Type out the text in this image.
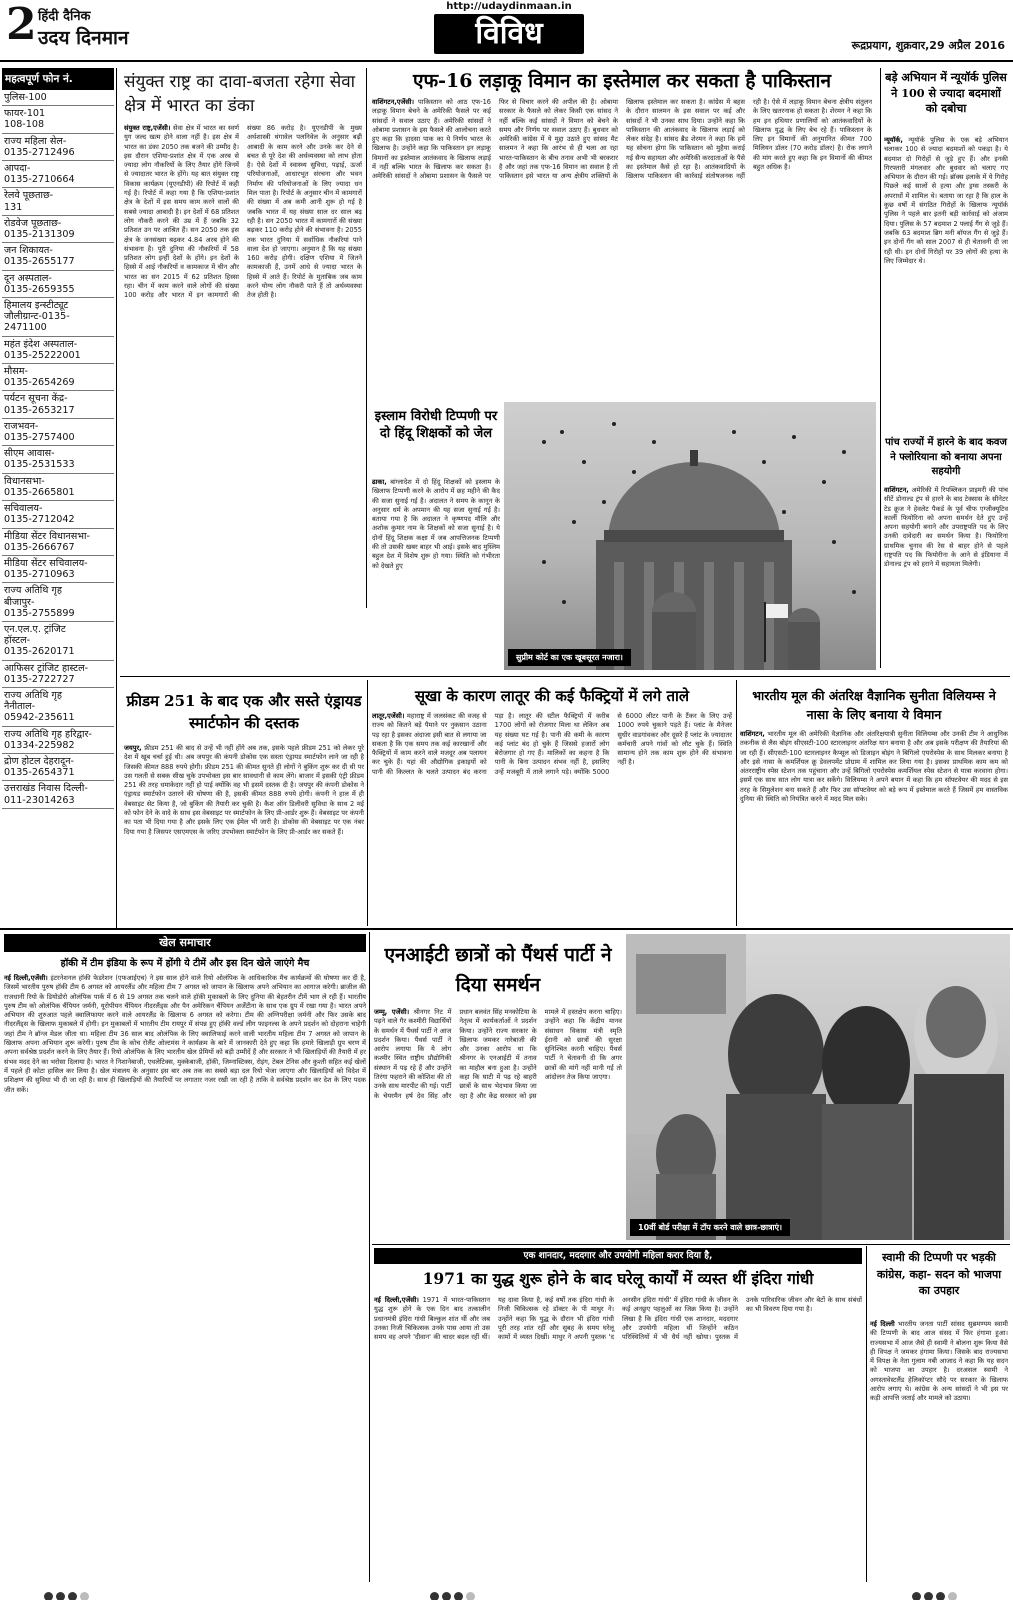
2 हिंदी दैनिक
उदय दिनमान
http://udaydinmaan.in
विविध	रूद्रप्रयाग, शुक्रवार,29 अप्रैल 2016
महत्वपूर्ण फोन नं.
पुलिस-100
फायर-101
108-108
राज्य महिला सेल-
0135-2712496
आपदा-
0135-2710664
रेलवे पूछताछ-
131
रोडवेज पूछताछ-
0135-2131309
जन शिकायत-
0135-2655177
दून अस्पताल-
0135-2659355
हिमालय इन्स्टीट्यूट
जौलीग्रान्ट-0135-
2471100
महंत इंदेश अस्पताल-
0135-25222001
मौसम-
0135-2654269
पर्यटन सूचना केंद्र-
0135-2653217
राजभवन-
0135-2757400
सीएम आवास-
0135-2531533
विधानसभा-
0135-2665801
सचिवालय-
0135-2712042
मीडिया सेंटर विधानसभा-
0135-2666767
मीडिया सेंटर सचिवालय-
0135-2710963
राज्य अतिथि गृह
बीजापुर-
0135-2755899
एन.एल.ए. ट्रांजिट
हॉस्टल-
0135-2620171
आफिसर ट्रांजिट हास्टल-
0135-2722727
राज्य अतिथि गृह
नैनीताल-
05942-235611
राज्य अतिथि गृह हरिद्वार-
01334-225982
द्रोण होटल देहरादून-
0135-2654371
उत्तराखंड निवास दिल्ली-
011-23014263
संयुक्त राष्ट्र का दावा-बजता रहेगा सेवा क्षेत्र में भारत का डंका
संयुक्त राष्ट्र,एजेंसी। सेवा क्षेत्र में भारत का स्वर्ण युग जल्द खत्म होने वाला नहीं है। इस क्षेत्र में भारत का डंका 2050 तक बजने की उम्मीद है। इस दौरान एशिया-प्रशांत क्षेत्र में एक अरब से ज्यादा लोग नौकरियों के लिए तैयार होंगे जिनमें से ज्यादातर भारत के होंगे। यह बात संयुक्त राष्ट्र विकास कार्यक्रम (यूएनडीपी) की रिपोर्ट में कही गई है। रिपोर्ट में कहा गया है कि एशिया-प्रशांत क्षेत्र के देशों में इस समय काम करने वालों की सबसे ज्यादा आबादी है। इन देशों में 68 प्रतिशत लोग नौकरी करने की उम्र में हैं जबकि 32 प्रतिशत उन पर आश्रित हैं। सन 2050 तक इस क्षेत्र के जनसंख्या बढ़कर 4.84 अरब होने की संभावना है। पूरी दुनिया की नौकरियों में 58 प्रतिशत लोग इन्हीं देशों के होंगे। इन देशों के हिस्से में आई नौकरियों व कामकाज में चीन और भारत का सन 2015 में 62 प्रतिशत हिस्सा रहा। चीन में काम करने वाले लोगों की संख्या 100 करोड़ और भारत में इन कामगारों की संख्या 86 करोड़ है। यूएनडीपी के मुख्य अर्थशास्त्री थंगावेल पलनिवेल के अनुसार बढ़ी आबादी के काम करने और उनके कर देने से बचत से पूरे देश की अर्थव्यवस्था को लाभ होता है। ऐसे देशों में स्वास्थ्य सुविधा, पढ़ाई, ऊर्जा परियोजनाओं, आधारभूत संरचना और भवन निर्माण की परियोजनाओं के लिए ज्यादा धन मिल पाता है। रिपोर्ट के अनुसार चीन में कामगारों की संख्या में अब कमी आनी शुरू हो गई है जबकि भारत में यह संख्या साल दर साल बढ़ रही है। सन 2050 भारत में कामगारों की संख्या बढ़कर 110 करोड़ होने की संभावना है। 2055 तक भारत दुनिया में सर्वाधिक नौकरियां पाने वाला देश हो जाएगा। अनुमान है कि यह संख्या 160 करोड़ होगी। दक्षिण एशिया में जितने कामकाजी हैं, उनमें आधे से ज्यादा भारत के हिस्से में आते हैं। रिपोर्ट के मुताबिक जब काम करने योग्य लोग नौकरी पाते हैं तो अर्थव्यवस्था तेज होती है।
एफ-16 लड़ाकू विमान का इस्तेमाल कर सकता है पाकिस्तान
वाशिंगटन,एजेंसी। पाकिस्तान को आठ एफ-16 लड़ाकू विमान बेचने के अमेरिकी फैसले पर कई सांसदों ने सवाल उठाए हैं। अमेरिकी सांसदों ने ओबामा प्रशासन के इस फैसले की आलोचना करते हुए कहा कि हादसा पाक का ये निर्णय भारत के खिलाफ है। उन्होंने कहा कि पाकिस्तान इन लड़ाकू विमानों का इस्तेमाल आतंकवाद के खिलाफ लड़ाई में नहीं बल्कि भारत के खिलाफ कर सकता है। अमेरिकी सांसदों ने ओबामा प्रशासन के फैसले पर फिर से विचार करने की अपील की है। ओबामा सरकार के फैसले को लेकर किसी एक सांसद ने नहीं बल्कि कई सांसदों ने विमान को बेचने के समय और निर्णय पर सवाल उठाए हैं। बुधवार को अमेरिकी कांग्रेस में ये मुद्दा उठाते हुए सांसद मैट सालमन ने कहा कि आरंभ से ही चला आ रहा भारत-पाकिस्तान के बीच तनाव अभी भी बरकरार है और जहां तक एफ-16 विमान का सवाल है तो पाकिस्तान इसे भारत या अन्य क्षेत्रीय शक्तियों के खिलाफ इस्तेमाल कर सकता है। कांग्रेस में बहस के दौरान सालमन के इस सवाल पर कई और सांसदों ने भी उनका साथ दिया। उन्होंने कहा कि पाकिस्तान की आतंकवाद के खिलाफ लड़ाई को लेकर संदेह है। सांसद ब्रैड शेरमन ने कहा कि हमें यह सोचना होगा कि पाकिस्तान को मुहैया कराई गई सैन्य सहायता और अमेरिकी करदाताओं के पैसे का इस्तेमाल कैसे हो रहा है। आतंकवादियों के खिलाफ पाकिस्तान की कार्रवाई संतोषजनक नहीं रही है। ऐसे में लड़ाकू विमान बेचना क्षेत्रीय संतुलन के लिए खतरनाक हो सकता है। शेरमन ने कहा कि हम इन हथियार प्रणालियों को आतंकवादियों के खिलाफ युद्ध के लिए बेच रहे हैं। पाकिस्तान के लिए इन विमानों की अनुमानित कीमत 700 मिलियन डॉलर (70 करोड़ डॉलर) है। रोक लगाने की मांग करते हुए कहा कि इन विमानों की कीमत बहुत अधिक है।
इस्लाम विरोधी टिप्पणी पर दो हिंदू शिक्षकों को जेल
ढाका, बांग्लादेश में दो हिंदू शिक्षकों को इस्लाम के खिलाफ टिप्पणी करने के आरोप में छह महीने की कैद की सजा सुनाई गई है। अदालत ने समय के कानून के अनुसार धर्म के अपमान की यह सजा सुनाई गई है। बताया गया है कि अदालत ने कृष्णपद मौलि और अशोक कुमार नाम के शिक्षकों को सजा सुनाई है। ये दोनों हिंदू शिक्षक कक्षा में जब आपत्तिजनक टिप्पणी की तो उसकी खबर बाहर भी आई। इसके बाद मुस्लिम बहुल देश में विशेष शुरू हो गया। स्थिति को गंभीरता को देखते हुए
सुप्रीम कोर्ट का एक खूबसूरत नजारा।
बड़े अभियान में न्यूयॉर्क पुलिस ने 100 से ज्यादा बदमाशों को दबोचा
न्यूयॉर्क, न्यूयॉर्क पुलिस के एक बड़े अभियान चलाकर 100 से ज्यादा बदमाशों को पकड़ा है। ये बदमाश दो गिरोहों से जुड़े हुए हैं। और इनकी गिरफ्तारी मंगलवार और बुधवार को चलाए गए अभियान के दौरान की गई। ब्रॉक्स इलाके में ये गिरोह पिछले कई सालों से हत्या और ड्रग्स तस्करी के अपराधों में शामिल थे। बताया जा रहा है कि हाल के कुछ वर्षों में संगठित गिरोहों के खिलाफ न्यूयॉर्क पुलिस ने पहले बार इतनी बड़ी कार्रवाई को अंजाम दिया। पुलिस के 57 बदमाश 2 फ्लाई गैंग से जुड़े हैं। जबकि 63 बदमाश ब्रिग मनी बॉयज गैंग से जुड़े हैं। इन दोनों गैंग को साल 2007 से ही चेतावनी दी जा रही थी। इन दोनों गिरोहों पर 39 लोगों की हत्या के लिए जिम्मेदार थे।
पांच राज्यों में हारने के बाद कवज ने फ्लोरियाना को बनाया अपना सहयोगी
वाशिंगटन, अमेरिकी में रिपब्लिकन प्राइमरी की पांच सीटें डोनाल्ड ट्रंप से हारने के बाद टेक्सास के सीनेटर टेड क्रूज ने हेवलेट पैकर्ड के पूर्व चीफ एग्जीक्यूटिव कार्ली फियोरिना को अपना समर्थन देते हुए उन्हें अपना सहयोगी बनाने और उपराष्ट्रपति पद के लिए उनकी दावेदारी का समर्थन किया है। फियोरिना प्राथमिक चुनाव की रेस से बाहर होने से पहले राष्ट्रपति पद कि फियोरीना के आने से इंडियाना में डोनाल्ड ट्रंप को हराने में सहायता मिलेगी।
फ्रीडम 251 के बाद एक और सस्ते एंड्रायड स्मार्टफोन की दस्तक
जयपुर, फ्रीडम 251 की बाद से उन्हें भी नहीं होंगे अब तक, इसके पहले फ्रीडम 251 को लेकर पूरे देश में खूब चर्चा हुई थी। अब जयपुर की कंपनी डोकोस एक सस्ता एंड्रायड स्मार्टफोन लाने जा रही है जिसकी कीमत 888 रुपये होगी। फ्रीडम 251 की कीमत सुनते ही लोगों ने बुकिंग शुरू कर दी थी पर उस गलती से सबक सीख चुके उपभोक्ता इस बार सावधानी से काम लेंगे। बाजार में इसकी एंट्री फ्रीडम 251 की तरह धमाकेदार नहीं हो पाई क्योंकि वह भी इसमें दस्तक दी है। जयपुर की कंपनी डोकोस ने एंड्रायड स्मार्टफोन उतारने की घोषणा की है, इसकी कीमत 888 रुपये होगी। कंपनी ने हाल में ही वेबसाइट सेट किया है, जो बुकिंग की तैयारी कर चुकी है। कैश ऑन डिलीवरी सुविधा के साथ 2 मई को फोन देने के वादे के साथ इस वेबसाइट पर स्मार्टफोन के लिए प्री-आर्डर शुरू हैं। वेबसाइट पर कंपनी का पता भी दिया गया है और इसके लिए एक ईमेल भी जारी है। डोकोस की वेबसाइट पर एक नंबर दिया गया है जिसपर एसएमएस के जरिए उपभोक्ता स्मार्टफोन के लिए प्री-आर्डर कर सकते हैं।
सूखा के कारण लातूर की कई फैक्ट्रियों में लगे ताले
लातूर,एजेंसी। महाराष्ट्र में जलसंकट की वजह से राज्य को कितने बड़े पैमाने पर नुकसान उठाना पड़ रहा है इसका अंदाजा इसी बात से लगाया जा सकता है कि एक समय तक कई कारखानों और फैक्ट्रियों में काम करने वाले मजदूर अब पलायन कर चुके हैं। यहां की औद्योगिक इकाइयों को पानी की किल्लत के चलते उत्पादन बंद करना पड़ा है। लातूर की स्टील फैक्ट्रियों में करीब 1700 लोगों को रोजगार मिला था लेकिन अब यह संख्या घट गई है। पानी की कमी के कारण कई प्लांट बंद हो चुके हैं जिससे हजारों लोग बेरोजगार हो गए हैं। मालिकों का कहना है कि पानी के बिना उत्पादन संभव नहीं है, इसलिए उन्हें मजबूरी में ताले लगाने पड़े। क्योंकि 5000 से 6000 लीटर पानी के टैंकर के लिए उन्हें 1000 रुपये चुकाने पड़ते हैं। प्लांट के मैनेजर सुधीर वाडगांवकर और दूसरे हैं प्लांट के ज्यादातर कर्मचारी अपने गांवों को लौट चुके हैं। स्थिति सामान्य होने तक काम शुरू होने की संभावना नहीं है।
भारतीय मूल की अंतरिक्ष वैज्ञानिक सुनीता विलियम्स ने नासा के लिए बनाया ये विमान
वाशिंगटन, भारतीय मूल की अमेरिकी वैज्ञानिक और अंतरिक्षयात्री सुनीता विलियम्स और उनकी टीम ने आधुनिक तकनीक से लैस बोइंग सीएसटी-100 स्टारलाइनर अंतरिक्ष यान बनाया है और अब इसके परीक्षण की तैयारियां की जा रही हैं। सीएसटी-100 स्टारलाइनर कैप्सूल को डिजाइन बोइंग ने बिगिलो एयरोस्पेस के साथ मिलकर बनाया है और इसे नासा के कमर्शियल क्रू डेवलपमेंट प्रोग्राम में शामिल कर लिया गया है। इसका प्राथमिक काम कम को अंतरराष्ट्रीय स्पेस स्टेशन तक पहुंचाना और उन्हें बिगिलो एयरोस्पेस कमर्शियल स्पेस स्टेशन से यात्रा करवाना होगा। इसमें एक साथ सात लोग यात्रा कर सकेंगे। विलियम्स ने अपने बयान में कहा कि हम सॉफ्टवेयर की मदद से इस तरह के सिमुलेशन बना सकते हैं और फिर उस सॉफ्टवेयर को बड़े रूप में इस्तेमाल करते हैं जिसमें हम वास्तविक दुनिया की स्थिति को नियंत्रित करने में मदद मिल सके।
खेल समाचार
हॉकी में टीम इंडिया के रूप में होंगी ये टीमें और इस दिन खेले जाएंगे मैच
नई दिल्ली,एजेंसी। इंटरनेशनल हॉकी फेडरेशन (एफआईएच) ने इस साल होने वाले रियो ओलंपिक के आधिकारिक मैच कार्यक्रमों की घोषणा कर दी है, जिसमें भारतीय पुरुष हॉकी टीम 6 अगस्त को आयरलैंड और महिला टीम 7 अगस्त को जापान के खिलाफ अपने अभियान का आगाज करेगी। ब्राजील की राजधानी रियो के डियोडोरो ओलंपिक पार्क में 6 से 19 अगस्त तक चलने वाले हॉकी मुकाबलों के लिए दुनिया की बेहतरीन टीमें भाग ले रही हैं। भारतीय पुरुष टीम को ओलंपिक चैंपियन जर्मनी, यूरोपीयन चैंपियन नीदरलैंड्स और पैन अमेरिकन चैंपियन अर्जेंटीना के साथ एक ग्रुप में रखा गया है। भारत अपने अभियान की शुरुआत पहले क्वालिफायर करने वाले आयरलैंड के खिलाफ 6 अगस्त को करेगा। टीम की अग्निपरीक्षा जर्मनी और फिर उसके बाद नीदरलैंड्स के खिलाफ मुकाबले में होगी। इन मुकाबलों में भारतीय टीम रायपुर में संपन्न हुए हॉकी वर्ल्ड लीग फाइनल्स के अपने प्रदर्शन को दोहराना चाहेगी जहां टीम ने ब्रॉन्ज मेडल जीता था। महिला टीम 36 साल बाद ओलंपिक के लिए क्वालिफाई करने वाली भारतीय महिला टीम 7 अगस्त को जापान के खिलाफ अपना अभियान शुरू करेगी। पुरुष टीम के कोच रोलैंट ओल्टमंस ने कार्यक्रम के बारे में जानकारी देते हुए कहा कि हमारे खिलाड़ी ग्रुप चरण में अपना सर्वश्रेष्ठ प्रदर्शन करने के लिए तैयार हैं। रियो ओलंपिक के लिए भारतीय खेल प्रेमियों को बड़ी उम्मीदें हैं और सरकार ने भी खिलाड़ियों की तैयारी में हर संभव मदद देने का भरोसा दिलाया है। भारत ने निशानेबाजी, एथलेटिक्स, मुक्केबाजी, हॉकी, जिम्नास्टिक्स, रोइंग, टेबल टेनिस और कुश्ती सहित कई खेलों में पहले ही कोटा हासिल कर लिया है। खेल मंत्रालय के अनुसार इस बार अब तक का सबसे बड़ा दल रियो भेजा जाएगा और खिलाड़ियों को विदेश में प्रशिक्षण की सुविधा भी दी जा रही है। साथ ही खिलाड़ियों की तैयारियों पर लगातार नजर रखी जा रही है ताकि वे सर्वश्रेष्ठ प्रदर्शन कर देश के लिए पदक जीत सकें।
एनआईटी छात्रों को पैंथर्स पार्टी ने दिया समर्थन
जम्मू, एजेंसी। श्रीनगर निट में पढ़ने वाले गैर कश्मीरी विद्यार्थियों के समर्थन में पैंथर्स पार्टी ने आज प्रदर्शन किया। पैंथर्स पार्टी ने आरोप लगाया कि ये लोग कश्मीर स्थित राष्ट्रीय प्रौद्योगिकी संस्थान में पढ़ रहे हैं और उन्होंने तिरंगा फहराने की कोशिश की तो उनके साथ मारपीट की गई। पार्टी के चेयरमैन हर्ष देव सिंह और प्रधान बलवंत सिंह मनकोटिया के नेतृत्व में कार्यकर्ताओं ने प्रदर्शन किया। उन्होंने राज्य सरकार के खिलाफ जमकर नारेबाजी की और उनका आरोप था कि श्रीनगर के एनआईटी में तनाव का माहौल बना हुआ है। उन्होंने कहा कि घाटी में पढ़ रहे बाहरी छात्रों के साथ भेदभाव किया जा रहा है और केंद्र सरकार को इस मामले में हस्तक्षेप करना चाहिए। उन्होंने कहा कि केंद्रीय मानव संसाधन विकास मंत्री स्मृति ईरानी को छात्रों की सुरक्षा सुनिश्चित करनी चाहिए। पैंथर्स पार्टी ने चेतावनी दी कि अगर छात्रों की मांगें नहीं मानी गईं तो आंदोलन तेज किया जाएगा।
10वीं बोर्ड परीक्षा में टॉप करने वाले छात्र-छात्राएं।
एक शानदार, मददगार और उपयोगी महिला करार दिया है,
1971 का युद्ध शुरू होने के बाद घरेलू कार्यों में व्यस्त थीं इंदिरा गांधी
नई दिल्ली,एजेंसी। 1971 में भारत-पाकिस्तान युद्ध शुरू होने के एक दिन बाद तत्कालीन प्रधानमंत्री इंदिरा गांधी बिल्कुल शांत थीं और जब उनका निजी चिकित्सक उनके पास आया तो उस समय वह अपने 'दीवान' की चादर बदल रहीं थीं। यह दावा किया है, कई वर्षों तक इंदिरा गांधी के निजी चिकित्सक रहे डॉक्टर के पी माथुर ने। उन्होंने कहा कि युद्ध के दौरान भी इंदिरा गांधी पूरी तरह शांत रहीं और सुबह के समय घरेलू कामों में व्यस्त दिखीं। माथुर ने अपनी पुस्तक 'द अनसीन इंदिरा गांधी' में इंदिरा गांधी के जीवन के कई अनछुए पहलुओं का जिक्र किया है। उन्होंने लिखा है कि इंदिरा गांधी एक शानदार, मददगार और उपयोगी महिला थीं जिन्होंने कठिन परिस्थितियों में भी धैर्य नहीं खोया। पुस्तक में उनके पारिवारिक जीवन और बेटों के साथ संबंधों का भी विवरण दिया गया है।
स्वामी की टिप्पणी पर भड़की कांग्रेस, कहा- सदन को भाजपा का उपहार
नई दिल्ली भारतीय जनता पार्टी सांसद सुब्रमण्यम स्वामी की टिप्पणी के बाद आज संसद में फिर हंगामा हुआ। राज्यसभा में आज जैसे ही स्वामी ने बोलना शुरू किया वैसे ही विपक्ष ने जमकर हंगामा किया। जिसके बाद राज्यसभा में विपक्ष के नेता गुलाम नबी आजाद ने कहा कि यह सदन को भाजपा का उपहार है। दरअसल स्वामी ने अगस्तावेस्टलैंड हेलिकॉप्टर सौदे पर सरकार के खिलाफ आरोप लगाए थे। कांग्रेस के अन्य सांसदों ने भी इस पर कड़ी आपत्ति जताई और मामले को उठाया।
